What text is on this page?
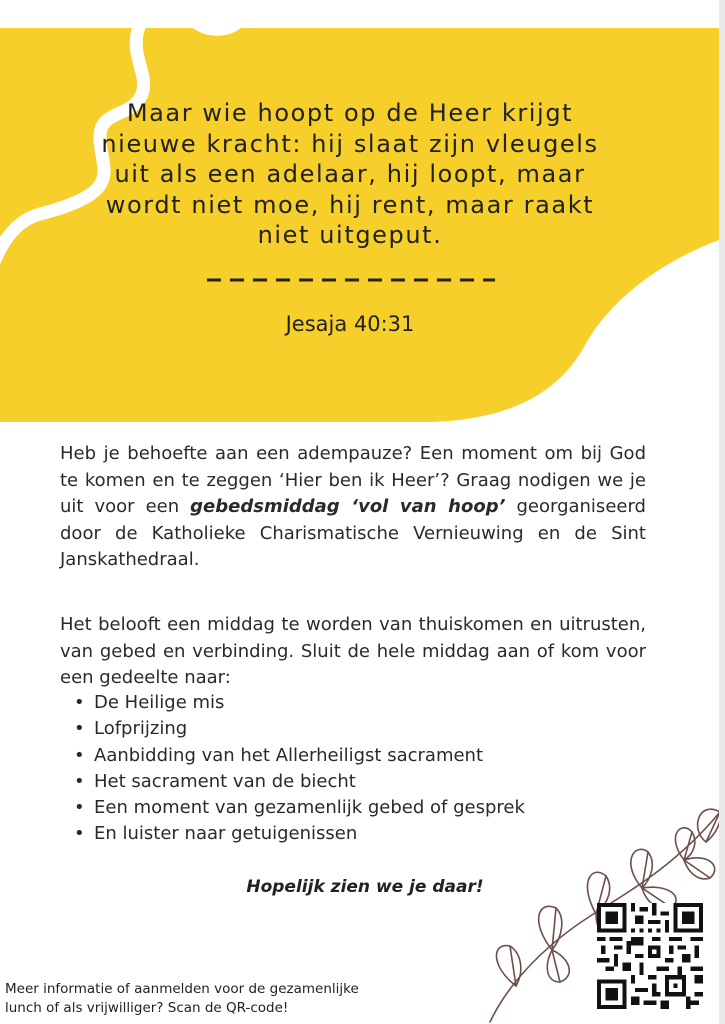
Maar wie hoopt op de Heer krijgt nieuwe kracht: hij slaat zijn vleugels uit als een adelaar, hij loopt, maar wordt niet moe, hij rent, maar raakt niet uitgeput.
Jesaja 40:31

Heb je behoefte aan een adempauze? Een moment om bij God te komen en te zeggen ‘Hier ben ik Heer’? Graag nodigen we je uit voor een gebedsmiddag ‘vol van hoop’ georganiseerd door de Katholieke Charismatische Vernieuwing en de Sint Janskathedraal.

Het belooft een middag te worden van thuiskomen en uitrusten, van gebed en verbinding. Sluit de hele middag aan of kom voor een gedeelte naar:

• De Heilige mis
• Lofprijzing
• Aanbidding van het Allerheiligst sacrament
• Het sacrament van de biecht
• Een moment van gezamenlijk gebed of gesprek
• En luister naar getuigenissen
Hopelijk zien we je daar!
Meer informatie of aanmelden voor de gezamenlijke
lunch of als vrijwilliger? Scan de QR-code!
